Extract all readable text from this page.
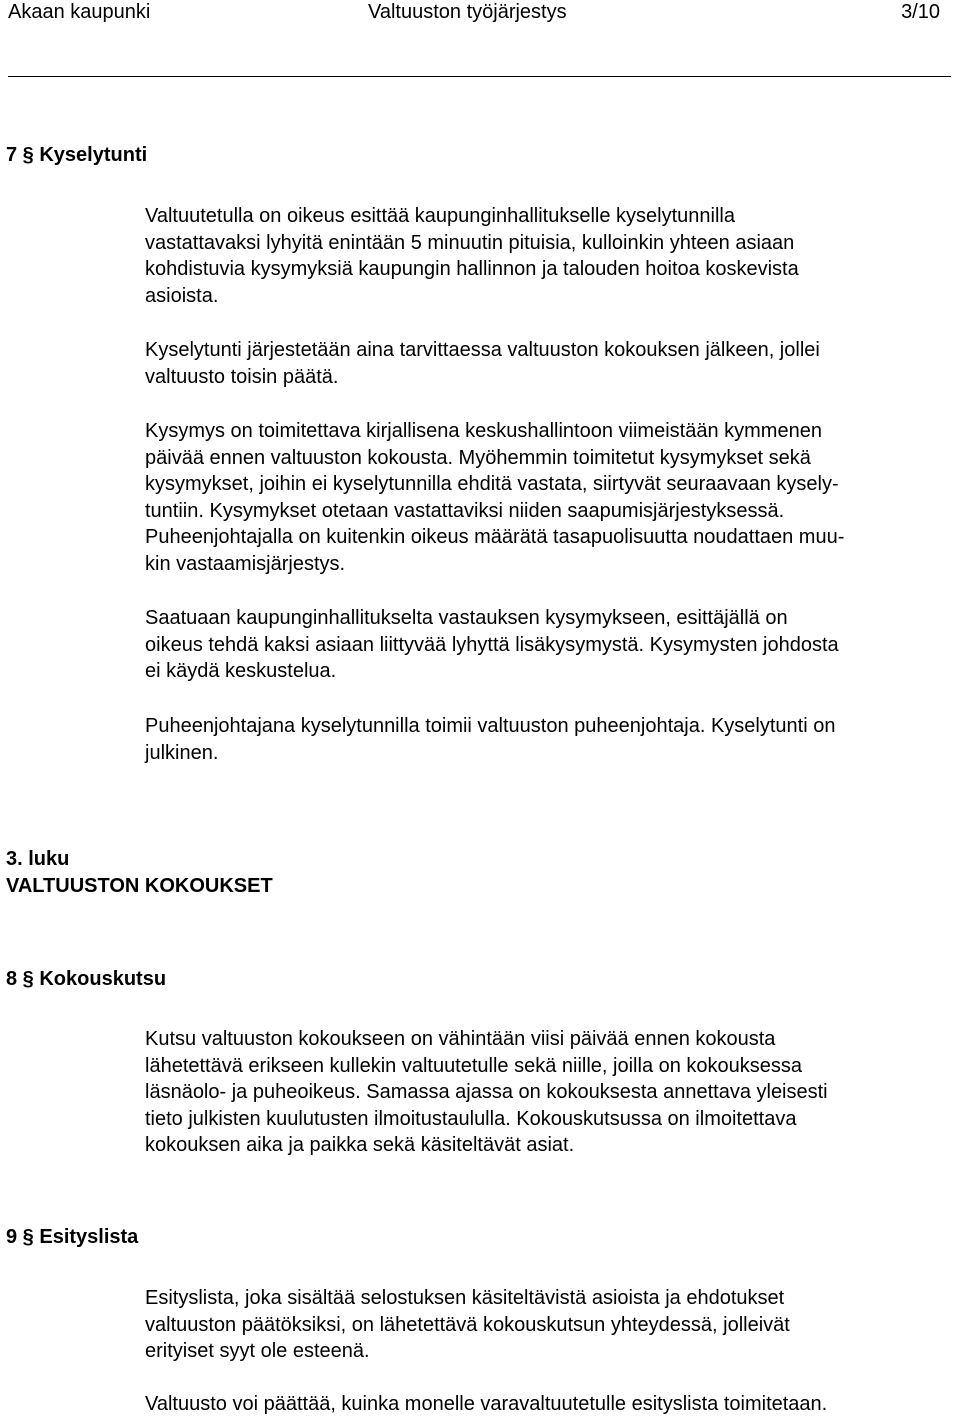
Akaan kaupunki	Valtuuston työjärjestys	3/10
7 § Kyselytunti

Valtuutetulla on oikeus esittää kaupunginhallitukselle kyselytunnilla
vastattavaksi lyhyitä enintään 5 minuutin pituisia, kulloinkin yhteen asiaan
kohdistuvia kysymyksiä kaupungin hallinnon ja talouden hoitoa koskevista
asioista.

Kyselytunti järjestetään aina tarvittaessa valtuuston kokouksen jälkeen, jollei
valtuusto toisin päätä.

Kysymys on toimitettava kirjallisena keskushallintoon viimeistään kymmenen
päivää ennen valtuuston kokousta. Myöhemmin toimitetut kysymykset sekä
kysymykset, joihin ei kyselytunnilla ehditä vastata, siirtyvät seuraavaan kysely-
tuntiin. Kysymykset otetaan vastattaviksi niiden saapumisjärjestyksessä.
Puheenjohtajalla on kuitenkin oikeus määrätä tasapuolisuutta noudattaen muu-
kin vastaamisjärjestys.

Saatuaan kaupunginhallitukselta vastauksen kysymykseen, esittäjällä on
oikeus tehdä kaksi asiaan liittyvää lyhyttä lisäkysymystä. Kysymysten johdosta
ei käydä keskustelua.

Puheenjohtajana kyselytunnilla toimii valtuuston puheenjohtaja. Kyselytunti on
julkinen.

3. luku
VALTUUSTON KOKOUKSET
8 § Kokouskutsu

Kutsu valtuuston kokoukseen on vähintään viisi päivää ennen kokousta
lähetettävä erikseen kullekin valtuutetulle sekä niille, joilla on kokouksessa
läsnäolo- ja puheoikeus. Samassa ajassa on kokouksesta annettava yleisesti
tieto julkisten kuulutusten ilmoitustaululla. Kokouskutsussa on ilmoitettava
kokouksen aika ja paikka sekä käsiteltävät asiat.

9 § Esityslista

Esityslista, joka sisältää selostuksen käsiteltävistä asioista ja ehdotukset
valtuuston päätöksiksi, on lähetettävä kokouskutsun yhteydessä, jolleivät
erityiset syyt ole esteenä.

Valtuusto voi päättää, kuinka monelle varavaltuutetulle esityslista toimitetaan.
